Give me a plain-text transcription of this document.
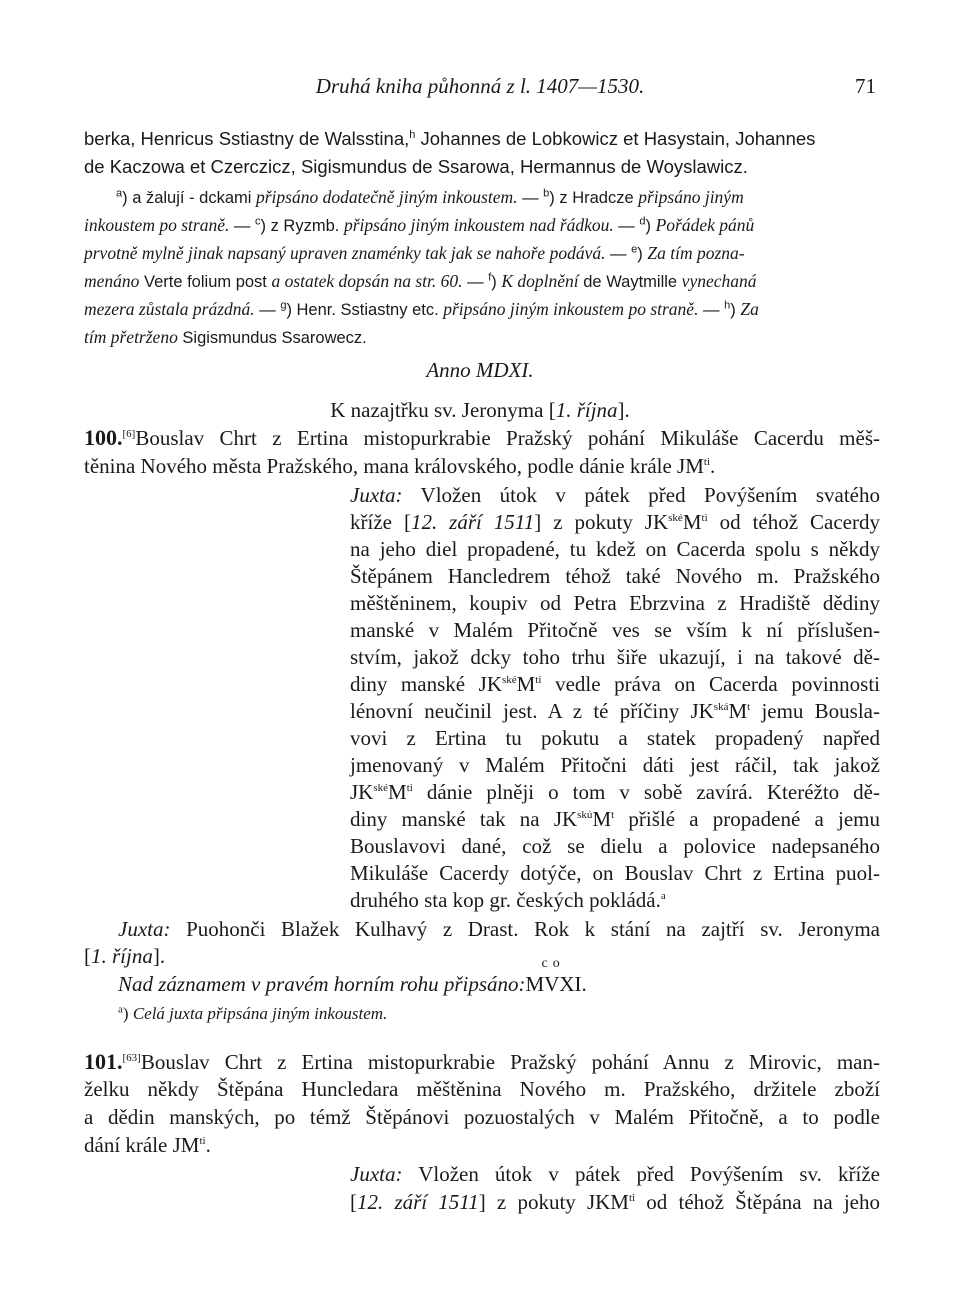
Druhá kniha půhonná z l. 1407—1530.	71
berka, Henricus Sstiastny de Walsstina,$^h$ Johannes de Lobkowicz et Hasystain, Johannes
de Kaczowa et Czerczicz, Sigismundus de Ssarowa, Hermannus de Woyslawicz.
$^a$) a žalují - dckami připsáno dodatečně jiným inkoustem. — $^b$) z Hradcze připsáno jiným
inkoustem po straně. — $^c$) z Ryzmb. připsáno jiným inkoustem nad řádkou. — $^d$) Pořádek pánů
prvotně mylně jinak napsaný upraven znaménky tak jak se nahoře podává. — $^e$) Za tím pozna-
menáno Verte folium post a ostatek dopsán na str. 60. — $^f$) K doplnění de Waytmille vynechaná
mezera zůstala prázdná. — $^g$) Henr. Sstiastny etc. připsáno jiným inkoustem po straně. — $^h$) Za
tím přetrženo Sigismundus Ssarowecz.
Anno MDXI.
K nazajtřku sv. Jeronyma [1. října].
100.[6]Bouslav Chrt z Ertina mistopurkrabie Pražský pohání Mikuláše Cacerdu měš-
těnina Nového města Pražského, mana královského, podle dánie krále $JM^{ti}$.
Juxta: Vložen útok v pátek před Povýšením svatého
kříže [12. září 1511] z pokuty $JK^{ské}M^{ti}$ od téhož Cacerdy
na jeho diel propadené, tu kdež on Cacerda spolu s někdy
Štěpánem Hancledrem téhož také Nového m. Pražského
měštěninem, koupiv od Petra Ebrzvina z Hradiště dědiny
manské v Malém Přitočně ves se vším k ní příslušen-
stvím, jakož dcky toho trhu šiře ukazují, i na takové dě-
diny manské $JK^{ské}M^{ti}$ vedle práva on Cacerda povinnosti
lénovní neučinil jest. A z té příčiny $JK^{ská}M^t$ jemu Bousla-
vovi z Ertina tu pokutu a statek propadený napřed
jmenovaný v Malém Přitočni dáti jest ráčil, tak jakož
$JK^{ské}M^{ti}$ dánie plněji o tom v sobě zavírá. Kteréžto dě-
diny manské tak na $JK^{skú}M^t$ přišlé a propadené a jemu
Bouslavovi dané, což se dielu a polovice nadepsaného
Mikuláše Cacerdy dotýče, on Bouslav Chrt z Ertina puol-
druhého sta kop gr. českých pokládá.$^a$
Juxta: Puohonči Blažek Kulhavý z Drast. Rok k stání na zajtří sv. Jeronyma
[1. října].
Nad záznamem v pravém horním rohu připsáno:MV
co
XI.
$^a$) Celá juxta připsána jiným inkoustem.
101.[63]Bouslav Chrt z Ertina mistopurkrabie Pražský pohání Annu z Mirovic, man-
želku někdy Štěpána Huncledara měštěnina Nového m. Pražského, držitele zboží
a dědin manských, po témž Štěpánovi pozuostalých v Malém Přitočně, a to podle
dání krále $JM^{ti}$.
Juxta: Vložen útok v pátek před Povýšením sv. kříže
[12. září 1511] z pokuty $JKM^{ti}$ od téhož Štěpána na jeho
